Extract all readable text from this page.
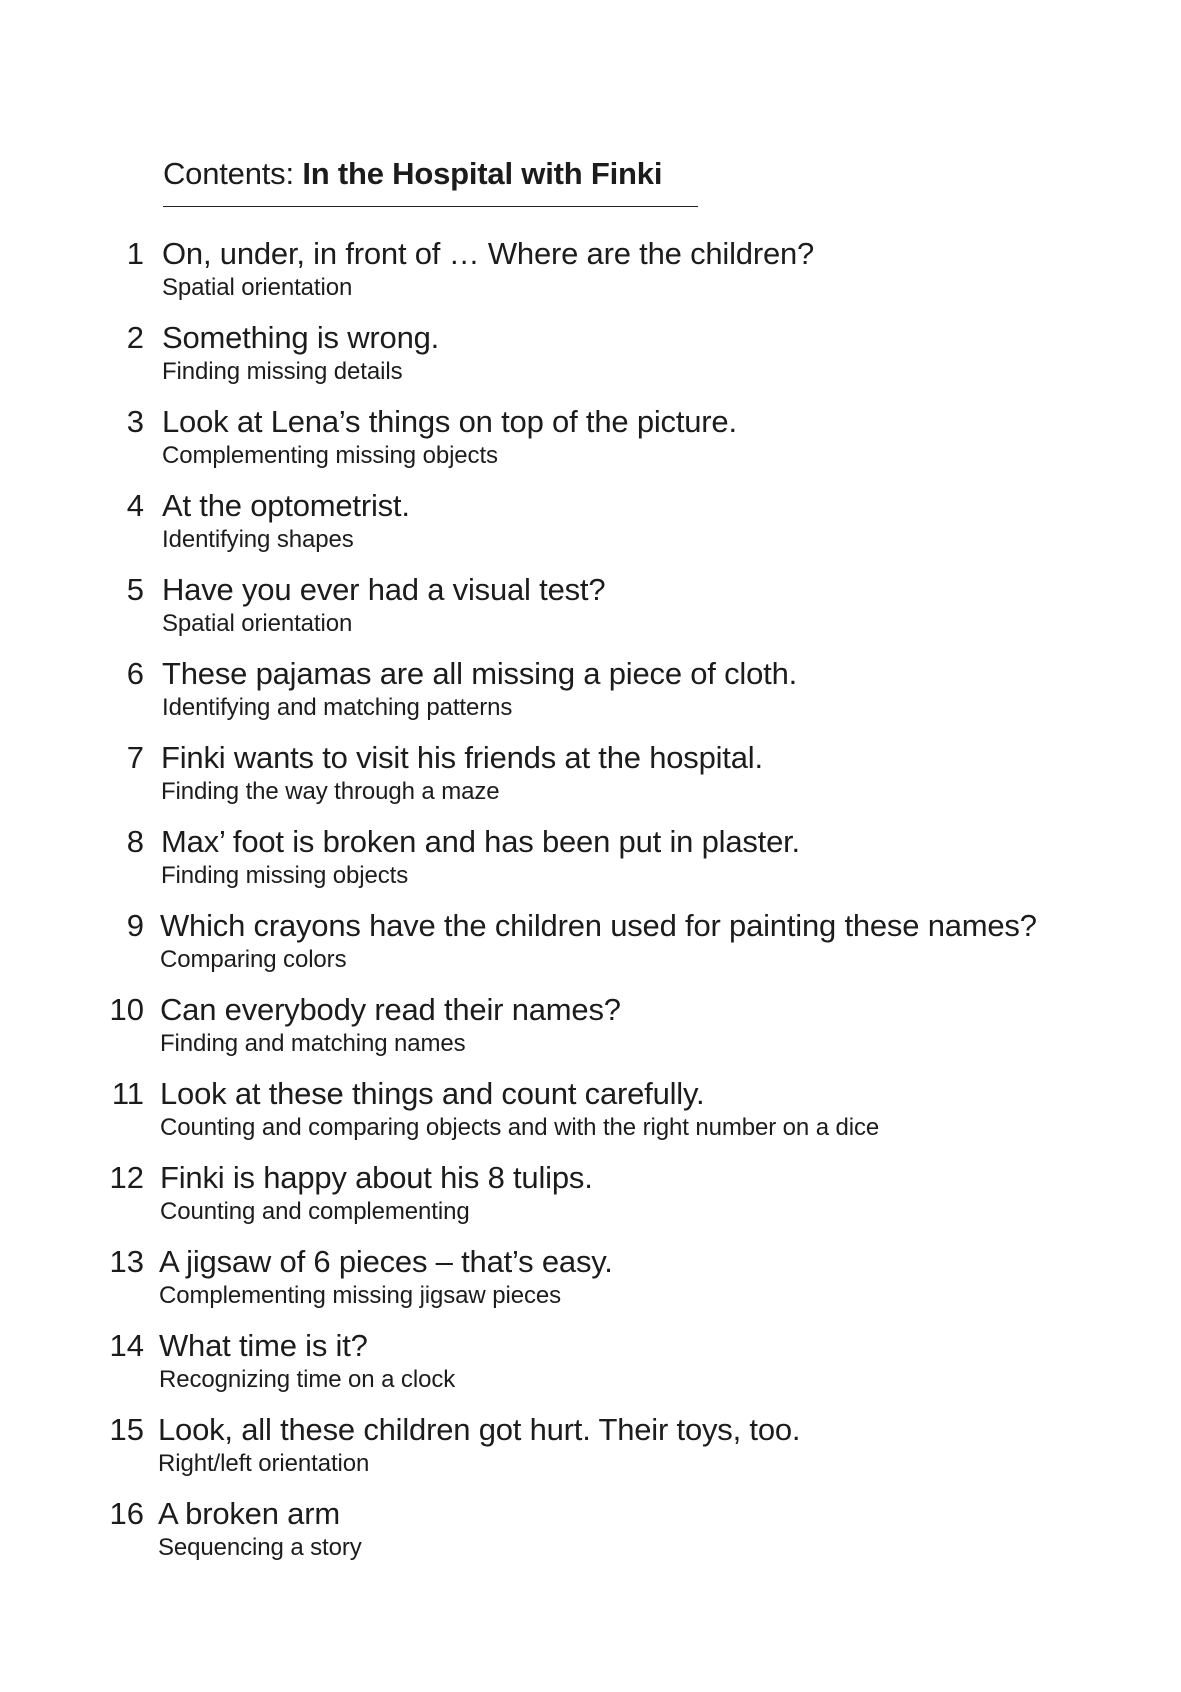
Contents: In the Hospital with Finki
1 On, under, in front of … Where are the children?
Spatial orientation
2 Something is wrong.
Finding missing details
3 Look at Lena’s things on top of the picture.
Complementing missing objects
4 At the optometrist.
Identifying shapes
5 Have you ever had a visual test?
Spatial orientation
6 These pajamas are all missing a piece of cloth.
Identifying and matching patterns
7 Finki wants to visit his friends at the hospital.
Finding the way through a maze
8 Max’ foot is broken and has been put in plaster.
Finding missing objects
9 Which crayons have the children used for painting these names?
Comparing colors
10 Can everybody read their names?
Finding and matching names
11 Look at these things and count carefully.
Counting and comparing objects and with the right number on a dice
12 Finki is happy about his 8 tulips.
Counting and complementing
13 A jigsaw of 6 pieces – that’s easy.
Complementing missing jigsaw pieces
14 What time is it?
Recognizing time on a clock
15 Look, all these children got hurt. Their toys, too.
Right/left orientation
16 A broken arm
Sequencing a story
